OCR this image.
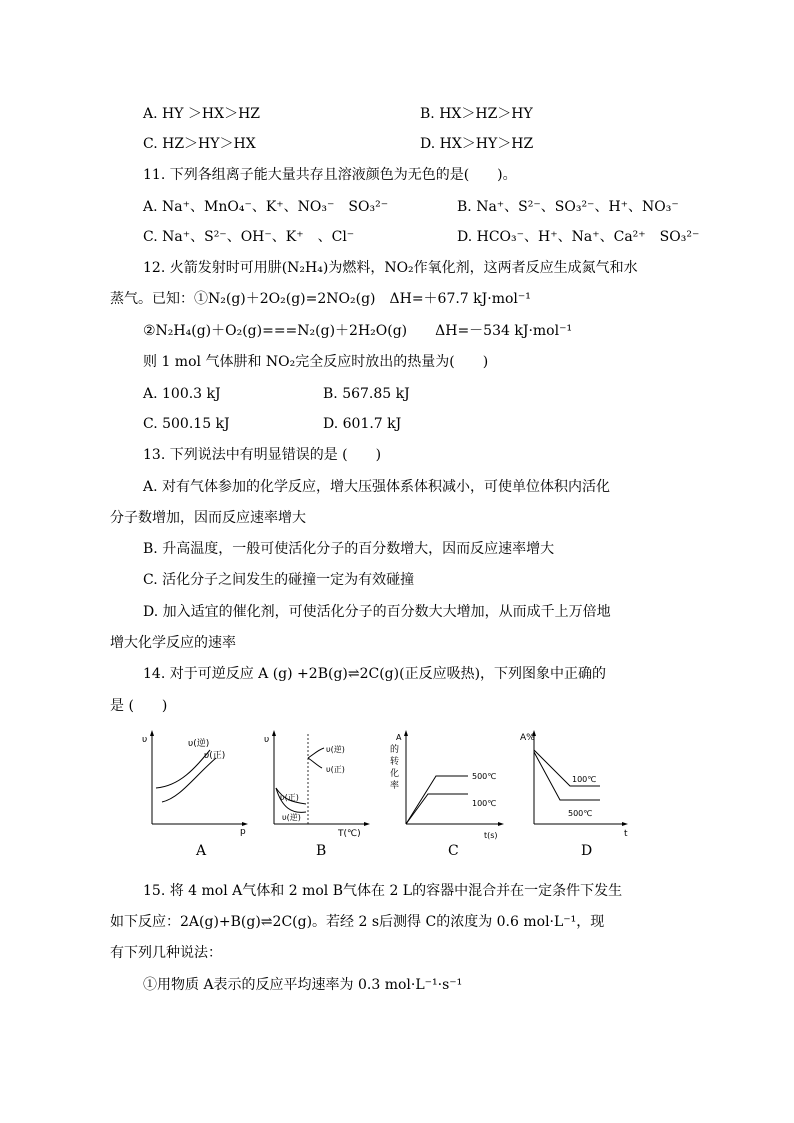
A. HY ＞HX＞HZ	B. HX＞HZ＞HY
C. HZ＞HY＞HX	D. HX＞HY＞HZ
11. 下列各组离子能大量共存且溶液颜色为无色的是(　　)。
A. Na⁺、MnO₄⁻、K⁺、NO₃⁻　SO₃²⁻	B. Na⁺、S²⁻、SO₃²⁻、H⁺、NO₃⁻
C. Na⁺、S²⁻、OH⁻、K⁺　、Cl⁻	D. HCO₃⁻、H⁺、Na⁺、Ca²⁺　SO₃²⁻
12. 火箭发射时可用肼(N₂H₄)为燃料，NO₂作氧化剂，这两者反应生成氮气和水
蒸气。已知：①N₂(g)＋2O₂(g)=2NO₂(g)　ΔH=＋67.7 kJ·mol⁻¹
②N₂H₄(g)＋O₂(g)===N₂(g)＋2H₂O(g)　　ΔH=－534 kJ·mol⁻¹
则 1 mol 气体肼和 NO₂完全反应时放出的热量为(　　)
A. 100.3 kJ	B. 567.85 kJ
C. 500.15 kJ	D. 601.7 kJ
13. 下列说法中有明显错误的是 (　　)
A. 对有气体参加的化学反应，增大压强体系体积减小，可使单位体积内活化
分子数增加，因而反应速率增大
B. 升高温度，一般可使活化分子的百分数增大，因而反应速率增大
C. 活化分子之间发生的碰撞一定为有效碰撞
D. 加入适宜的催化剂，可使活化分子的百分数大大增加，从而成千上万倍地
增大化学反应的速率
14. 对于可逆反应 A (g) +2B(g)⇌2C(g)(正反应吸热)，下列图象中正确的
是 (　　)
υ
p
υ(逆)
υ(正)
A
υ
T(℃)
υ(逆)
υ(正)
υ(正)
υ(逆)
B
A
的
转
化
率
t(s)
500℃
100℃
C
A%
t
100℃
500℃
D
15. 将 4 mol A气体和 2 mol B气体在 2 L的容器中混合并在一定条件下发生
如下反应：2A(g)+B(g)⇌2C(g)。若经 2 s后测得 C的浓度为 0.6 mol·L⁻¹，现
有下列几种说法：
①用物质 A表示的反应平均速率为 0.3 mol·L⁻¹·s⁻¹
